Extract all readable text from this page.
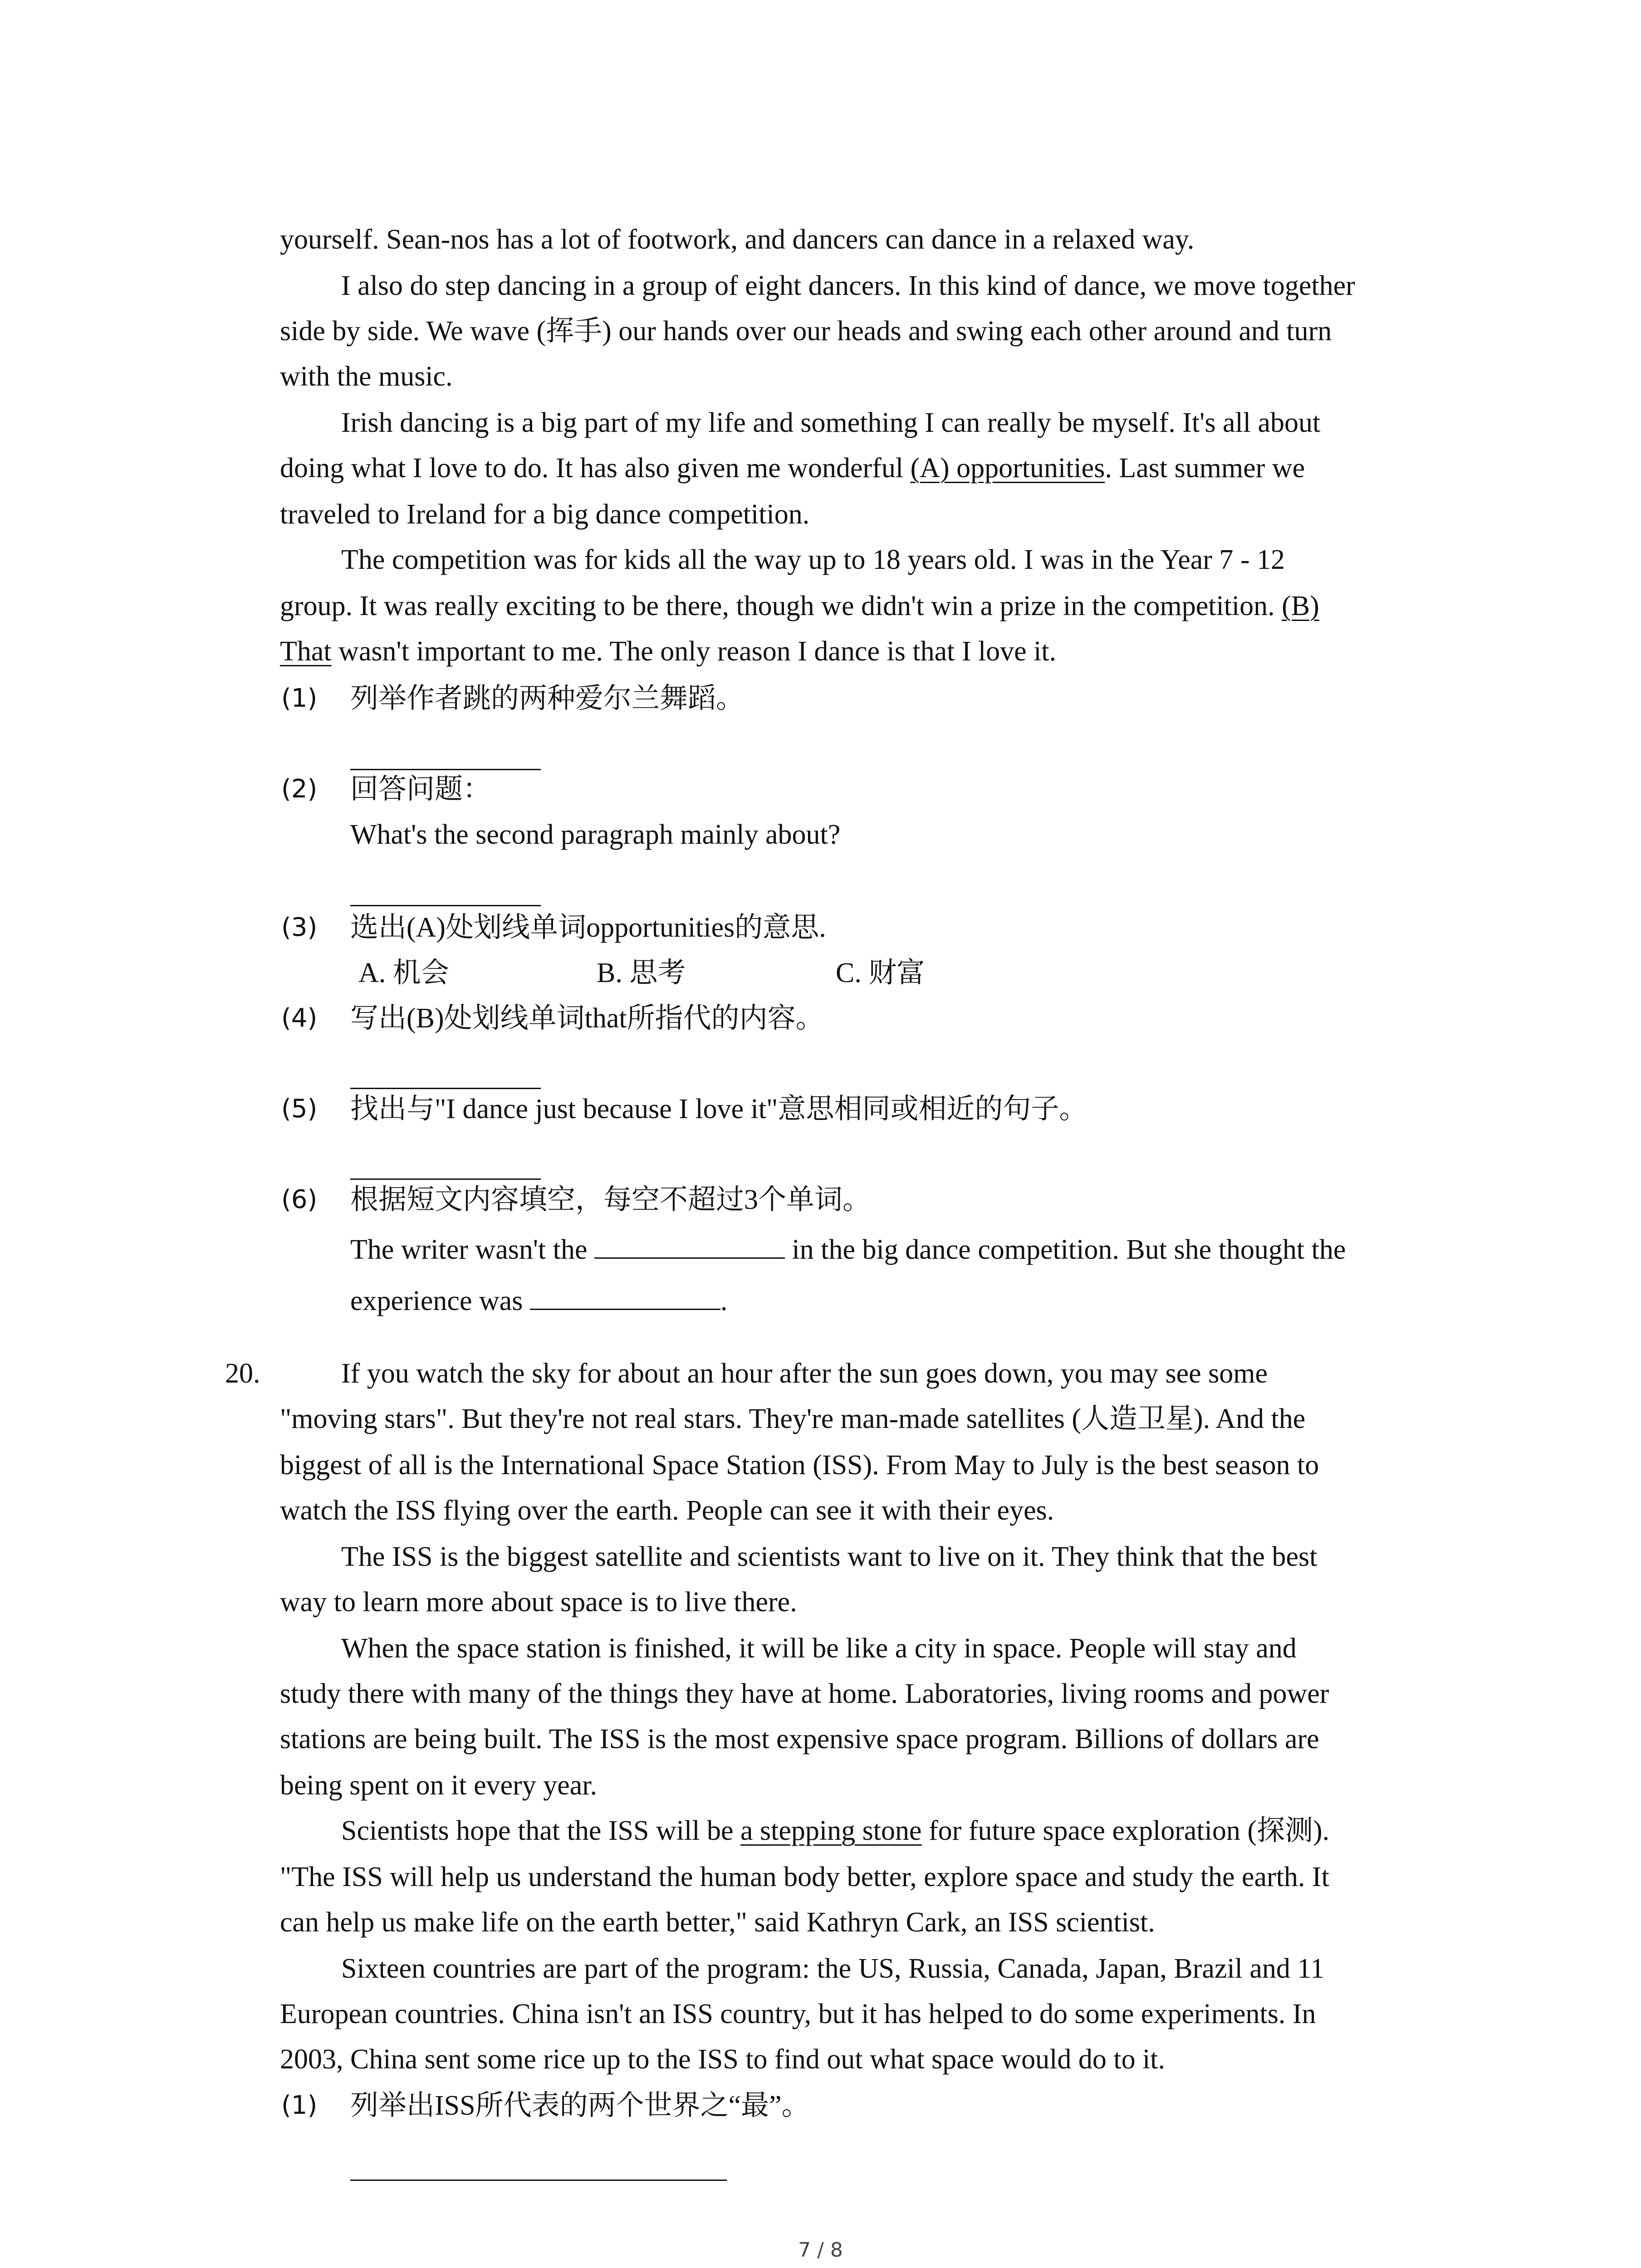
yourself. Sean-nos has a lot of footwork, and dancers can dance in a relaxed way.
I also do step dancing in a group of eight dancers. In this kind of dance, we move together
side by side. We wave (挥手) our hands over our heads and swing each other around and turn
with the music.
Irish dancing is a big part of my life and something I can really be myself. It's all about
doing what I love to do. It has also given me wonderful (A) opportunities. Last summer we
traveled to Ireland for a big dance competition.
The competition was for kids all the way up to 18 years old. I was in the Year 7 - 12
group. It was really exciting to be there, though we didn't win a prize in the competition. (B)
That wasn't important to me. The only reason I dance is that I love it.
(1) 列举作者跳的两种爱尔兰舞蹈。
(2) 回答问题：
What's the second paragraph mainly about?
(3) 选出(A)处划线单词opportunities的意思.
A. 机会	B. 思考	C. 财富
(4) 写出(B)处划线单词that所指代的内容。
(5) 找出与"I dance just because I love it"意思相同或相近的句子。
(6) 根据短文内容填空，每空不超过3个单词。
The writer wasn't the	in the big dance competition. But she thought the
experience was	.
20.	If you watch the sky for about an hour after the sun goes down, you may see some
"moving stars". But they're not real stars. They're man-made satellites (人造卫星). And the
biggest of all is the International Space Station (ISS). From May to July is the best season to
watch the ISS flying over the earth. People can see it with their eyes.
The ISS is the biggest satellite and scientists want to live on it. They think that the best
way to learn more about space is to live there.
When the space station is finished, it will be like a city in space. People will stay and
study there with many of the things they have at home. Laboratories, living rooms and power
stations are being built. The ISS is the most expensive space program. Billions of dollars are
being spent on it every year.
Scientists hope that the ISS will be a stepping stone for future space exploration (探测).
"The ISS will help us understand the human body better, explore space and study the earth. It
can help us make life on the earth better," said Kathryn Cark, an ISS scientist.
Sixteen countries are part of the program: the US, Russia, Canada, Japan, Brazil and 11
European countries. China isn't an ISS country, but it has helped to do some experiments. In
2003, China sent some rice up to the ISS to find out what space would do to it.
(1) 列举出ISS所代表的两个世界之“最”。
7 / 8
